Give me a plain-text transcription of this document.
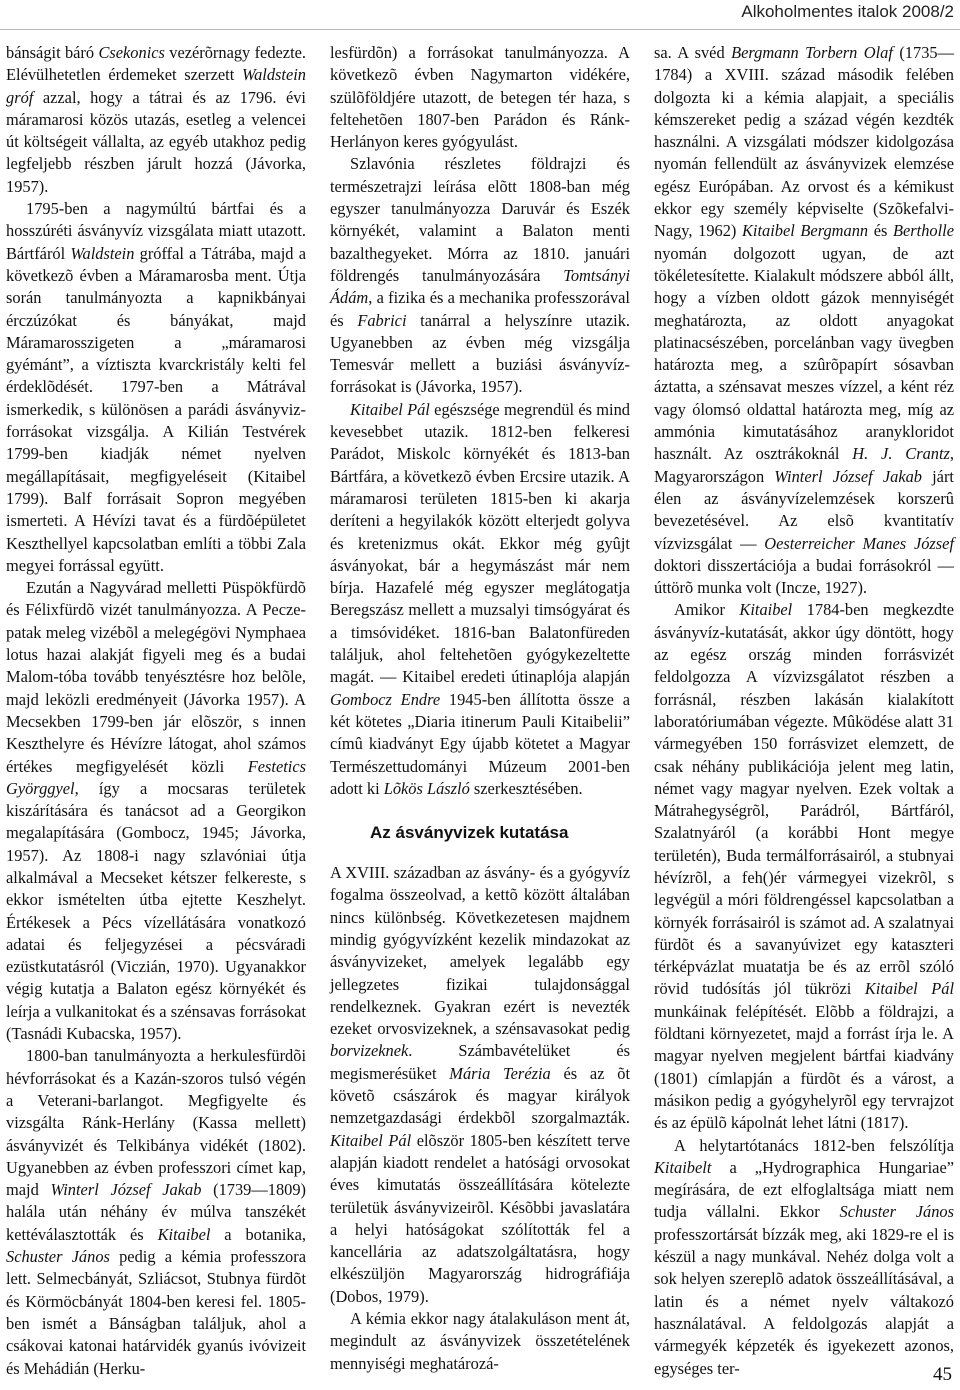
Alkoholmentes italok 2008/2

bánságit báró Csekonics vezérõrnagy fedezte. Elévülhetetlen érdemeket szerzett Waldstein gróf azzal, hogy a tátrai és az 1796. évi máramarosi közös utazás, esetleg a velencei út költségeit vállalta, az egyéb utakhoz pedig legfeljebb részben járult hozzá (Jávorka, 1957).

1795-ben a nagymúltú bártfai és a hosszúréti ásványvíz vizsgálata miatt utazott. Bártfáról Waldstein gróffal a Tátrába, majd a következõ évben a Máramarosba ment. Útja során tanulmányozta a kapnikbányai érczúzókat és bányákat, majd Máramarosszigeten a „máramarosi gyémánt”, a víztiszta kvarckristály kelti fel érdeklõdését. 1797-ben a Mátrával ismerkedik, s különösen a parádi ásványviz-forrásokat vizsgálja. A Kilián Testvérek 1799-ben kiadják német nyelven megállapításait, megfigyeléseit (Kitaibel 1799). Balf forrásait Sopron megyében ismerteti. A Hévízi tavat és a fürdõépületet Keszthellyel kapcsolatban említi a többi Zala megyei forrással együtt.

Ezután a Nagyvárad melletti Püspökfürdõ és Félixfürdõ vizét tanulmányozza. A Pecze-patak meleg vizébõl a melegégövi Nymphaea lotus hazai alakját figyeli meg és a budai Malom-tóba tovább tenyésztésre hoz belõle, majd leközli eredményeit (Jávorka 1957). A Mecsekben 1799-ben jár elõször, s innen Keszthelyre és Hévízre látogat, ahol számos értékes megfigyelését közli Festetics Györggyel, így a mocsaras területek kiszárítására és tanácsot ad a Georgikon megalapítására (Gombocz, 1945; Jávorka, 1957). Az 1808-i nagy szlavóniai útja alkalmával a Mecseket kétszer felkereste, s ekkor ismételten útba ejtette Keszhelyt. Értékesek a Pécs vízellátására vonatkozó adatai és feljegyzései a pécsváradi ezüstkutatásról (Viczián, 1970). Ugyanakkor végig kutatja a Balaton egész környékét és leírja a vulkanitokat és a szénsavas forrásokat (Tasnádi Kubacska, 1957).

1800-ban tanulmányozta a herkulesfürdõi hévforrásokat és a Kazán-szoros tulsó végén a Veterani-barlangot. Megfigyelte és vizsgálta Ránk-Herlány (Kassa mellett) ásványvizét és Telkibánya vidékét (1802). Ugyanebben az évben professzori címet kap, majd Winterl József Jakab (1739—1809) halála után néhány év múlva tanszékét kettéválasztották és Kitaibel a botanika, Schuster János pedig a kémia professzora lett. Selmecbányát, Szliácsot, Stubnya fürdõt és Körmöcbányát 1804-ben keresi fel. 1805-ben ismét a Bánságban találjuk, ahol a csákovai katonai határvidék gyanús ivóvizeit és Mehádián (Herku-

lesfürdõn) a forrásokat tanulmányozza. A következõ évben Nagymarton vidékére, szülõföldjére utazott, de betegen tér haza, s feltehetõen 1807-ben Parádon és Ránk-Herlányon keres gyógyulást.

Szlavónia részletes földrajzi és természetrajzi leírása elõtt 1808-ban még egyszer tanulmányozza Daruvár és Eszék környékét, valamint a Balaton menti bazalthegyeket. Mórra az 1810. januári földrengés tanulmányozására Tomtsányi Ádám, a fizika és a mechanika professzorával és Fabrici tanárral a helyszínre utazik. Ugyanebben az évben még vizsgálja Temesvár mellett a buziási ásványvíz-forrásokat is (Jávorka, 1957).

Kitaibel Pál egészsége megrendül és mind kevesebbet utazik. 1812-ben felkeresi Parádot, Miskolc környékét és 1813-ban Bártfára, a következõ évben Ercsire utazik. A máramarosi területen 1815-ben ki akarja deríteni a hegyilakók között elterjedt golyva és kretenizmus okát. Ekkor még gyûjt ásványokat, bár a hegymászást már nem bírja. Hazafelé még egyszer meglátogatja Beregszász mellett a muzsalyi timsógyárat és a timsóvidéket. 1816-ban Balatonfüreden találjuk, ahol feltehetõen gyógykezeltette magát. — Kitaibel eredeti útinaplója alapján Gombocz Endre 1945-ben állította össze a két kötetes „Diaria itinerum Pauli Kitaibelii” címû kiadványt Egy újabb kötetet a Magyar Természettudományi Múzeum 2001-ben adott ki Lõkös László szerkesztésében.

Az ásványvizek kutatása

A XVIII. században az ásvány- és a gyógyvíz fogalma összeolvad, a kettõ között általában nincs különbség. Következetesen majdnem mindig gyógyvízként kezelik mindazokat az ásványvizeket, amelyek legalább egy jellegzetes fizikai tulajdonsággal rendelkeznek. Gyakran ezért is nevezték ezeket orvosvizeknek, a szénsavasokat pedig borvizeknek. Számbavételüket és megismerésüket Mária Terézia és az õt követõ császárok és magyar királyok nemzetgazdasági érdekbõl szorgalmazták. Kitaibel Pál elõször 1805-ben készített terve alapján kiadott rendelet a hatósági orvosokat éves kimutatás összeállítására kötelezte területük ásványvizeirõl. Késõbbi javaslatára a helyi hatóságokat szólították fel a kancellária az adatszolgáltatásra, hogy elkészüljön Magyarország hidrográfiája (Dobos, 1979).

A kémia ekkor nagy átalakuláson ment át, megindult az ásványvizek összetételének mennyiségi meghatározá-

sa. A svéd Bergmann Torbern Olaf (1735—1784) a XVIII. század második felében dolgozta ki a kémia alapjait, a speciális kémszereket pedig a század végén kezdték használni. A vizsgálati módszer kidolgozása nyomán fellendült az ásványvizek elemzése egész Európában. Az orvost és a kémikust ekkor egy személy képviselte (Szõkefalvi-Nagy, 1962) Kitaibel Bergmann és Bertholle nyomán dolgozott ugyan, de azt tökéletesítette. Kialakult módszere abból állt, hogy a vízben oldott gázok mennyiségét meghatározta, az oldott anyagokat platinacsészében, porcelánban vagy üvegben határozta meg, a szûrõpapírt sósavban áztatta, a szénsavat meszes vízzel, a ként réz vagy ólomsó oldattal határozta meg, míg az ammónia kimutatásához aranykloridot használt. Az osztrákoknál H. J. Crantz, Magyarországon Winterl József Jakab járt élen az ásványvízelemzések korszerû bevezetésével. Az elsõ kvantitatív vízvizsgálat — Oesterreicher Manes József doktori disszertációja a budai forrásokról — úttörõ munka volt (Incze, 1927).

Amikor Kitaibel 1784-ben megkezdte ásványvíz-kutatását, akkor úgy döntött, hogy az egész ország minden forrásvizét feldolgozza A vízvizsgálatot részben a forrásnál, részben lakásán kialakított laboratóriumában végezte. Mûködése alatt 31 vármegyében 150 forrásvizet elemzett, de csak néhány publikációja jelent meg latin, német vagy magyar nyelven. Ezek voltak a Mátrahegységrõl, Parádról, Bártfáról, Szalatnyáról (a korábbi Hont megye területén), Buda termálforrásairól, a stubnyai hévízrõl, a feh()ér vármegyei vizekrõl, s legvégül a móri földrengéssel kapcsolatban a környék forrásairól is számot ad. A szalatnyai fürdõt és a savanyúvizet egy kataszteri térképvázlat muatatja be és az errõl szóló rövid tudósítás jól tükrözi Kitaibel Pál munkáinak felépítését. Elõbb a földrajzi, a földtani környezetet, majd a forrást írja le. A magyar nyelven megjelent bártfai kiadvány (1801) címlapján a fürdõt és a várost, a másikon pedig a gyógyhelyrõl egy tervrajzot és az épülõ kápolnát lehet látni (1817).

A helytartótanács 1812-ben felszólítja Kitaibelt a „Hydrographica Hungariae” megírására, de ezt elfoglaltsága miatt nem tudja vállalni. Ekkor Schuster János professzortársát bízzák meg, aki 1829-re el is készül a nagy munkával. Nehéz dolga volt a sok helyen szereplõ adatok összeállításával, a latin és a német nyelv váltakozó használatával. A feldolgozás alapját a vármegyék képzeték és igyekezett azonos, egységes ter-	45
